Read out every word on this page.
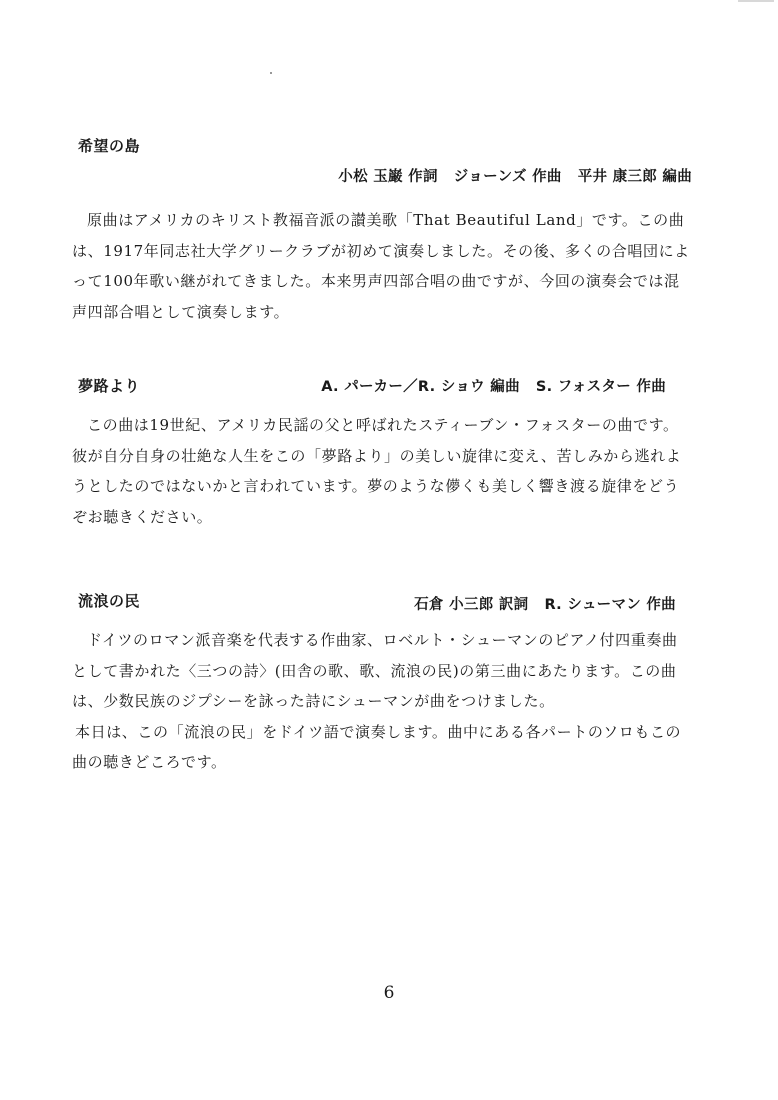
希望の島
小松 玉巌 作詞 ジョーンズ 作曲 平井 康三郎 編曲

原曲はアメリカのキリスト教福音派の讃美歌「That Beautiful Land」です。この曲は、1917年同志社大学グリークラブが初めて演奏しました。その後、多くの合唱団によって100年歌い継がれてきました。本来男声四部合唱の曲ですが、今回の演奏会では混声四部合唱として演奏します。

夢路より	A. パーカー／R. ショウ 編曲 S. フォスター 作曲

この曲は19世紀、アメリカ民謡の父と呼ばれたスティーブン・フォスターの曲です。彼が自分自身の壮絶な人生をこの「夢路より」の美しい旋律に変え、苦しみから逃れようとしたのではないかと言われています。夢のような儚くも美しく響き渡る旋律をどうぞお聴きください。

流浪の民	石倉 小三郎 訳詞 R. シューマン 作曲

ドイツのロマン派音楽を代表する作曲家、ロベルト・シューマンのピアノ付四重奏曲として書かれた〈三つの詩〉(田舎の歌、歌、流浪の民)の第三曲にあたります。この曲は、少数民族のジプシーを詠った詩にシューマンが曲をつけました。

本日は、この「流浪の民」をドイツ語で演奏します。曲中にある各パートのソロもこの曲の聴きどころです。

6
